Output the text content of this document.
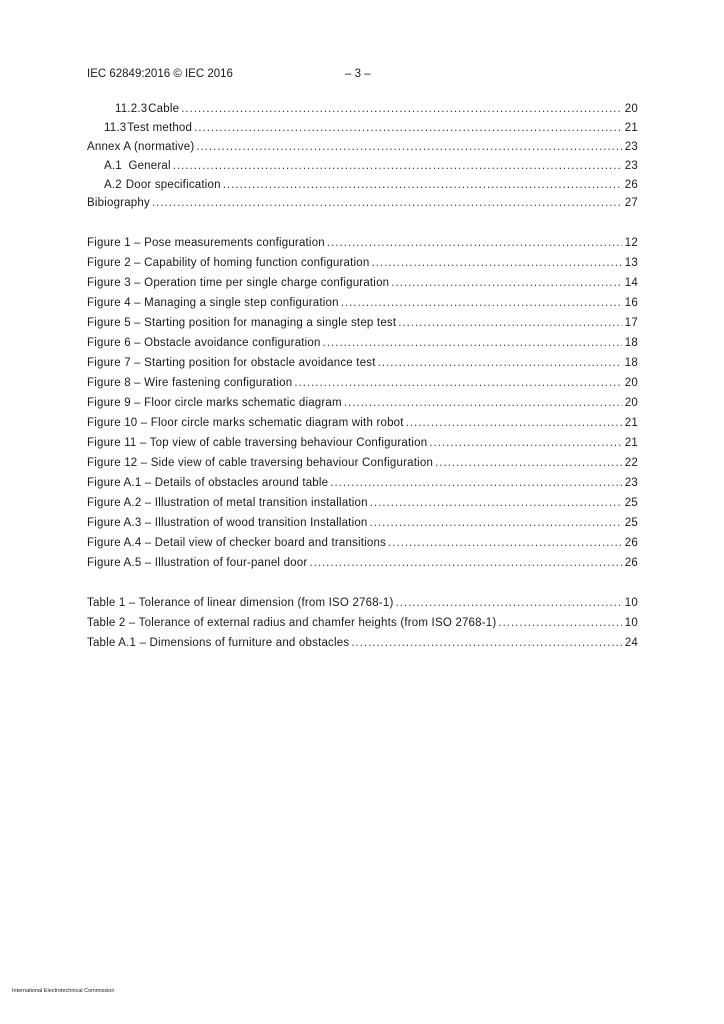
IEC 62849:2016 © IEC 2016	– 3 –
11.2.3 Cable .....	20
11.3 Test method .....	21
Annex A (normative) .....	23
A.1 General .....	23
A.2 Door specification .....	26
Bibiography .....	27
Figure 1 – Pose measurements configuration .....	12
Figure 2 – Capability of homing function configuration .....	13
Figure 3 – Operation time per single charge configuration .....	14
Figure 4 – Managing a single step configuration .....	16
Figure 5 – Starting position for managing a single step test .....	17
Figure 6 – Obstacle avoidance configuration .....	18
Figure 7 – Starting position for obstacle avoidance test .....	18
Figure 8 – Wire fastening configuration .....	20
Figure 9 – Floor circle marks schematic diagram .....	20
Figure 10 – Floor circle marks schematic diagram with robot .....	21
Figure 11 – Top view of cable traversing behaviour Configuration .....	21
Figure 12 – Side view of cable traversing behaviour Configuration .....	22
Figure A.1 – Details of obstacles around table .....	23
Figure A.2 – Illustration of metal transition installation .....	25
Figure A.3 – Illustration of wood transition Installation .....	25
Figure A.4 – Detail view of checker board and transitions .....	26
Figure A.5 – Illustration of four-panel door .....	26
Table 1 – Tolerance of linear dimension (from ISO 2768-1) .....	10
Table 2 – Tolerance of external radius and chamfer heights (from ISO 2768-1) .....	10
Table A.1 – Dimensions of furniture and obstacles .....	24
International Electrotechnical Commission
